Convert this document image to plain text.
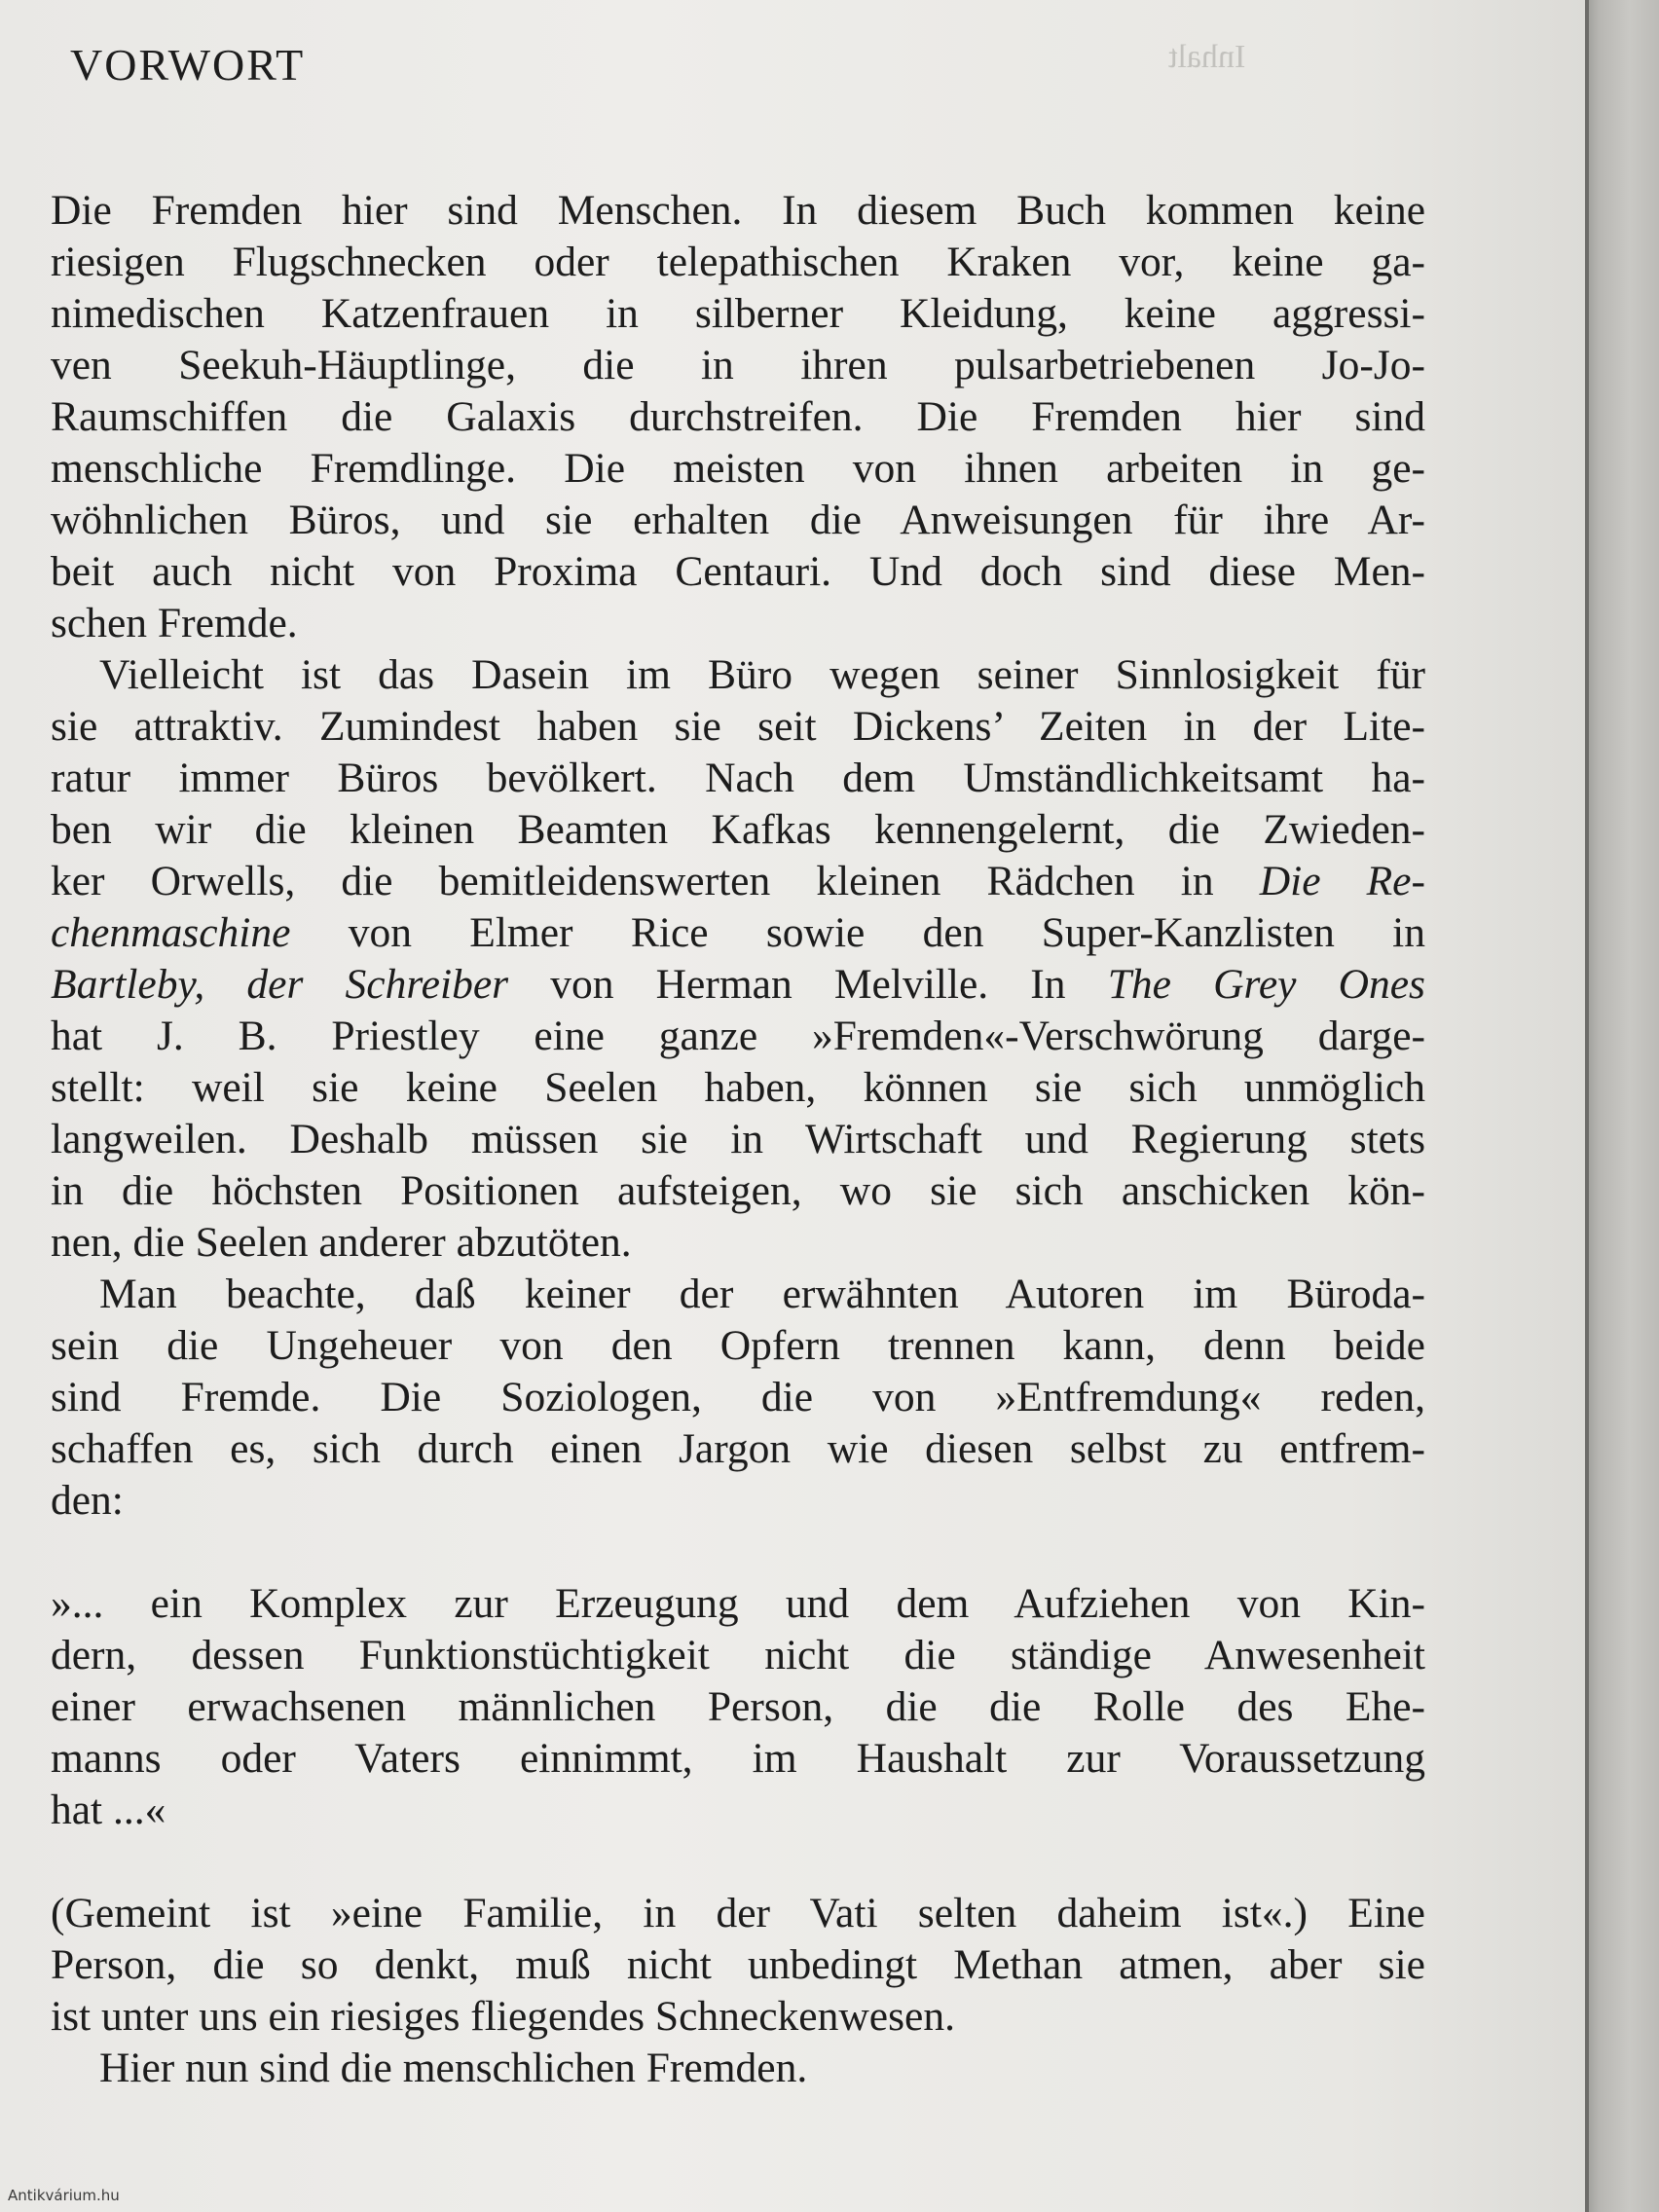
Inhalt
VORWORT
Die Fremden hier sind Menschen. In diesem Buch kommen keine
riesigen Flugschnecken oder telepathischen Kraken vor, keine ga-
nimedischen Katzenfrauen in silberner Kleidung, keine aggressi-
ven Seekuh-Häuptlinge, die in ihren pulsarbetriebenen Jo-Jo-
Raumschiffen die Galaxis durchstreifen. Die Fremden hier sind
menschliche Fremdlinge. Die meisten von ihnen arbeiten in ge-
wöhnlichen Büros, und sie erhalten die Anweisungen für ihre Ar-
beit auch nicht von Proxima Centauri. Und doch sind diese Men-
schen Fremde.
Vielleicht ist das Dasein im Büro wegen seiner Sinnlosigkeit für
sie attraktiv. Zumindest haben sie seit Dickens’ Zeiten in der Lite-
ratur immer Büros bevölkert. Nach dem Umständlichkeitsamt ha-
ben wir die kleinen Beamten Kafkas kennengelernt, die Zwieden-
ker Orwells, die bemitleidenswerten kleinen Rädchen in Die Re-
chenmaschine von Elmer Rice sowie den Super-Kanzlisten in
Bartleby, der Schreiber von Herman Melville. In The Grey Ones
hat J. B. Priestley eine ganze »Fremden«-Verschwörung darge-
stellt: weil sie keine Seelen haben, können sie sich unmöglich
langweilen. Deshalb müssen sie in Wirtschaft und Regierung stets
in die höchsten Positionen aufsteigen, wo sie sich anschicken kön-
nen, die Seelen anderer abzutöten.
Man beachte, daß keiner der erwähnten Autoren im Büroda-
sein die Ungeheuer von den Opfern trennen kann, denn beide
sind Fremde. Die Soziologen, die von »Entfremdung« reden,
schaffen es, sich durch einen Jargon wie diesen selbst zu entfrem-
den:
»... ein Komplex zur Erzeugung und dem Aufziehen von Kin-
dern, dessen Funktionstüchtigkeit nicht die ständige Anwesenheit
einer erwachsenen männlichen Person, die die Rolle des Ehe-
manns oder Vaters einnimmt, im Haushalt zur Voraussetzung
hat ...«
(Gemeint ist »eine Familie, in der Vati selten daheim ist«.) Eine
Person, die so denkt, muß nicht unbedingt Methan atmen, aber sie
ist unter uns ein riesiges fliegendes Schneckenwesen.
Hier nun sind die menschlichen Fremden.
Antikvárium.hu
